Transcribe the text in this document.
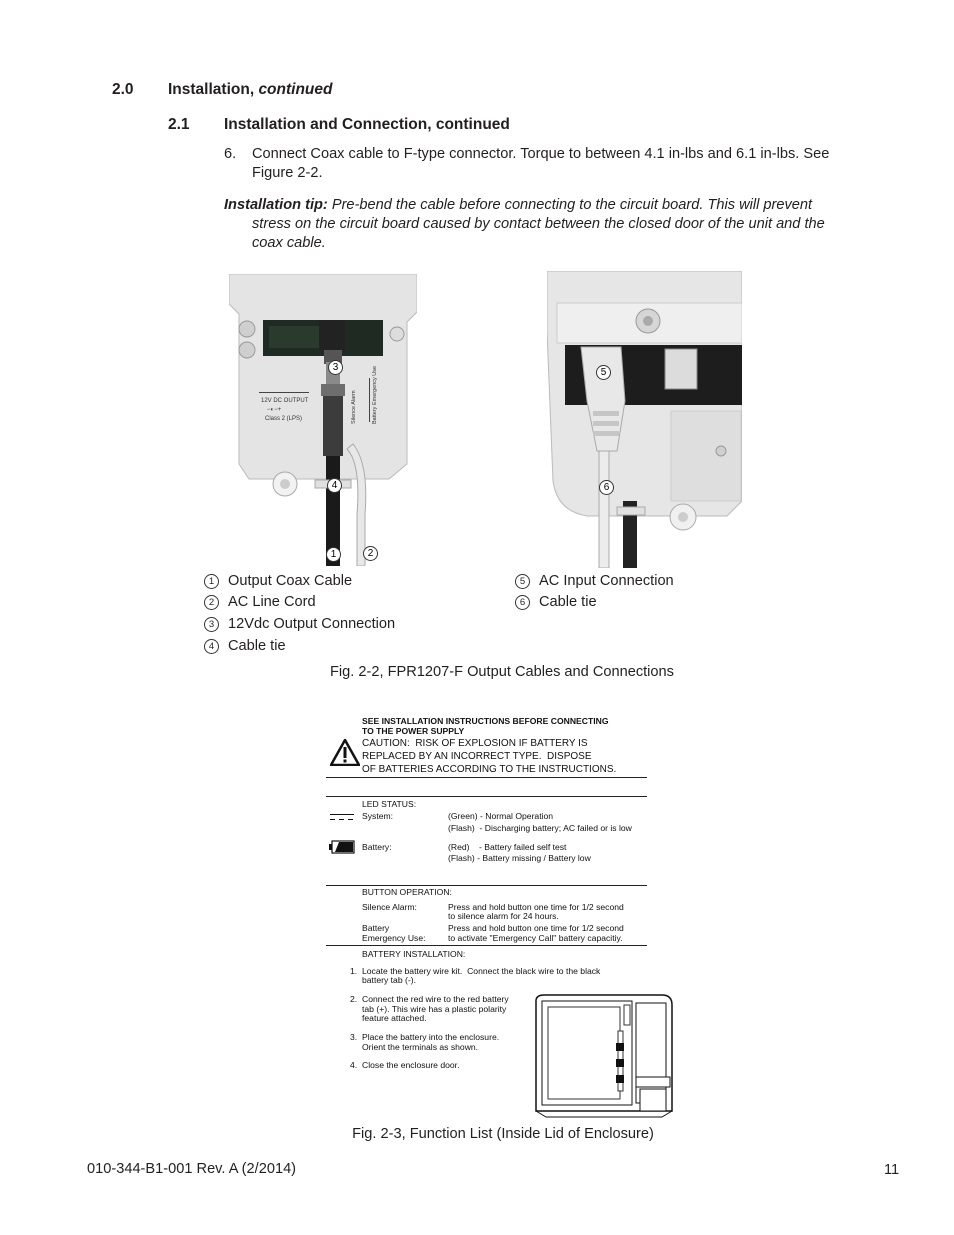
2.0 Installation, continued
2.1 Installation and Connection, continued
6. Connect Coax cable to F-type connector. Torque to between 4.1 in-lbs and 6.1 in-lbs. See
Figure 2-2.
Installation tip: Pre-bend the cable before connecting to the circuit board. This will prevent
stress on the circuit board caused by contact between the closed door of the unit and the
coax cable.
12V DC OUTPUT
−◐−+
Class 2 (LPS)	Silence Alarm	Battery Emergency Use
3
4
1	2
5
6
1 Output Coax Cable
2 AC Line Cord
3 12Vdc Output Connection
4 Cable tie
5 AC Input Connection
6 Cable tie
Fig. 2-2, FPR1207-F Output Cables and Connections
SEE INSTALLATION INSTRUCTIONS BEFORE CONNECTING
TO THE POWER SUPPLY
CAUTION:  RISK OF EXPLOSION IF BATTERY IS
REPLACED BY AN INCORRECT TYPE.  DISPOSE
OF BATTERIES ACCORDING TO THE INSTRUCTIONS.
LED STATUS:
System:	(Green) - Normal Operation
(Flash)  - Discharging battery; AC failed or is low
Battery:	(Red)    - Battery failed self test
(Flash) - Battery missing / Battery low
BUTTON OPERATION:
Silence Alarm:	Press and hold button one time for 1/2 second
to silence alarm for 24 hours.
Battery
Emergency Use:
Press and hold button one time for 1/2 second
to activate "Emergency Call" battery capacitiy.
BATTERY INSTALLATION:
1. Locate the battery wire kit.  Connect the black wire to the black
battery tab (-).
2. Connect the red wire to the red battery
tab (+). This wire has a plastic polarity
feature attached.
3. Place the battery into the enclosure.
Orient the terminals as shown.
4. Close the enclosure door.
Fig. 2-3, Function List (Inside Lid of Enclosure)
010-344-B1-001 Rev. A (2/2014)	11
